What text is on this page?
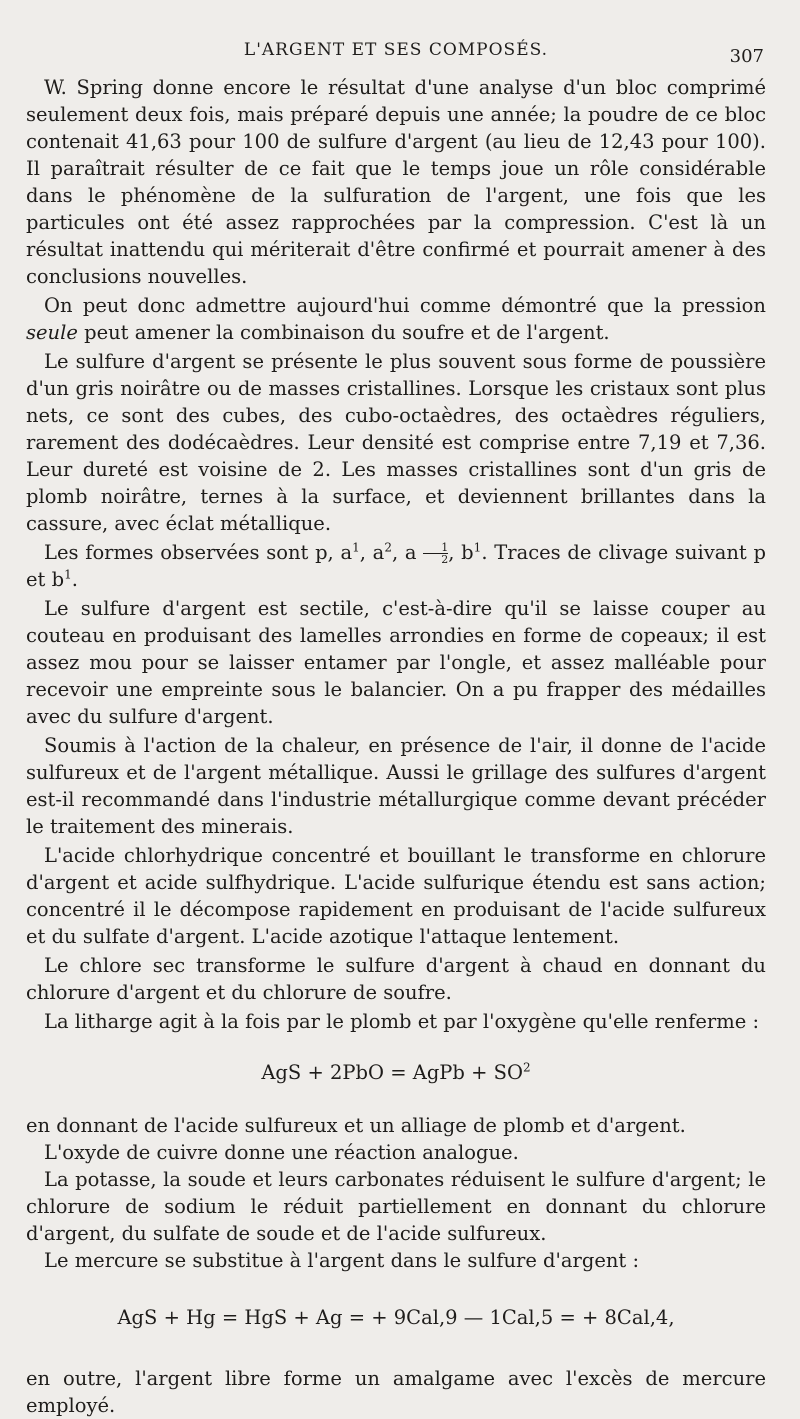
L'ARGENT ET SES COMPOSÉS.	307

W. Spring donne encore le résultat d'une analyse d'un bloc comprimé seulement deux fois, mais préparé depuis une année; la poudre de ce bloc contenait 41,63 pour 100 de sulfure d'argent (au lieu de 12,43 pour 100). Il paraîtrait résulter de ce fait que le temps joue un rôle considérable dans le phénomène de la sulfuration de l'argent, une fois que les particules ont été assez rapprochées par la compression. C'est là un résultat inattendu qui mériterait d'être confirmé et pourrait amener à des conclusions nouvelles.

On peut donc admettre aujourd'hui comme démontré que la pression seule peut amener la combinaison du soufre et de l'argent.

Le sulfure d'argent se présente le plus souvent sous forme de poussière d'un gris noirâtre ou de masses cristallines. Lorsque les cristaux sont plus nets, ce sont des cubes, des cubo-octaèdres, des octaèdres réguliers, rarement des dodécaèdres. Leur densité est comprise entre 7,19 et 7,36. Leur dureté est voisine de 2. Les masses cristallines sont d'un gris de plomb noirâtre, ternes à la surface, et deviennent brillantes dans la cassure, avec éclat métallique.

Les formes observées sont p, $a^1$, $a^2$, a $\frac{1}{2}$ , $b^1$. Traces de clivage suivant p et $b^1$.

Le sulfure d'argent est sectile, c'est-à-dire qu'il se laisse couper au couteau en produisant des lamelles arrondies en forme de copeaux; il est assez mou pour se laisser entamer par l'ongle, et assez malléable pour recevoir une empreinte sous le balancier. On a pu frapper des médailles avec du sulfure d'argent.

Soumis à l'action de la chaleur, en présence de l'air, il donne de l'acide sulfureux et de l'argent métallique. Aussi le grillage des sulfures d'argent est-il recommandé dans l'industrie métallurgique comme devant précéder le traitement des minerais.

L'acide chlorhydrique concentré et bouillant le transforme en chlorure d'argent et acide sulfhydrique. L'acide sulfurique étendu est sans action; concentré il le décompose rapidement en produisant de l'acide sulfureux et du sulfate d'argent. L'acide azotique l'attaque lentement.

Le chlore sec transforme le sulfure d'argent à chaud en donnant du chlorure d'argent et du chlorure de soufre.

La litharge agit à la fois par le plomb et par l'oxygène qu'elle renferme :

AgS + 2PbO = AgPb + $SO^2$

en donnant de l'acide sulfureux et un alliage de plomb et d'argent.

L'oxyde de cuivre donne une réaction analogue.

La potasse, la soude et leurs carbonates réduisent le sulfure d'argent; le chlorure de sodium le réduit partiellement en donnant du chlorure d'argent, du sulfate de soude et de l'acide sulfureux.

Le mercure se substitue à l'argent dans le sulfure d'argent :

AgS + Hg = HgS + Ag = + 9Cal,9 — 1Cal,5 = + 8Cal,4,

en outre, l'argent libre forme un amalgame avec l'excès de mercure employé.
